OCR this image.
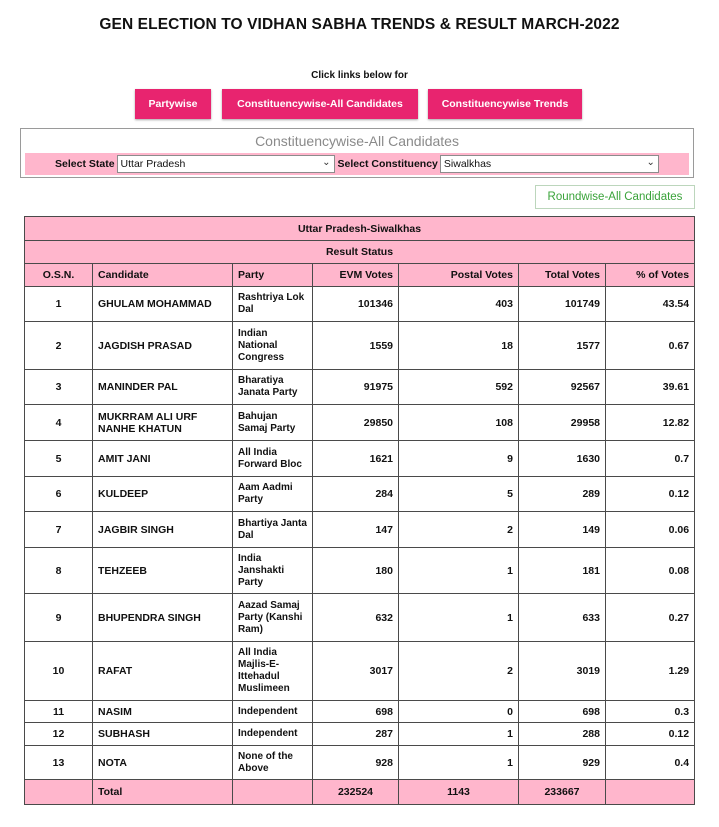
GEN ELECTION TO VIDHAN SABHA TRENDS & RESULT MARCH-2022
Click links below for
Partywise	Constituencywise-All Candidates	Constituencywise Trends
Constituencywise-All Candidates
Select State Uttar Pradesh	⌄ Select Constituency Siwalkhas	⌄
Roundwise-All Candidates
Uttar Pradesh-Siwalkhas						
Result Status						
O.S.N.	Candidate	Party	EVM Votes	Postal Votes	Total Votes	% of Votes
1	GHULAM MOHAMMAD	Rashtriya Lok Dal	101346	403	101749	43.54
2	JAGDISH PRASAD	Indian National Congress	1559	18	1577	0.67
3	MANINDER PAL	Bharatiya Janata Party	91975	592	92567	39.61
4	MUKRRAM ALI URF NANHE KHATUN	Bahujan Samaj Party	29850	108	29958	12.82
5	AMIT JANI	All India Forward Bloc	1621	9	1630	0.7
6	KULDEEP	Aam Aadmi Party	284	5	289	0.12
7	JAGBIR SINGH	Bhartiya Janta Dal	147	2	149	0.06
8	TEHZEEB	India Janshakti Party	180	1	181	0.08
9	BHUPENDRA SINGH	Aazad Samaj Party (Kanshi Ram)	632	1	633	0.27
10	RAFAT	All India Majlis-E-Ittehadul Muslimeen	3017	2	3019	1.29
11	NASIM	Independent	698	0	698	0.3
12	SUBHASH	Independent	287	1	288	0.12
13	NOTA	None of the Above	928	1	929	0.4
	Total		232524	1143	233667	
